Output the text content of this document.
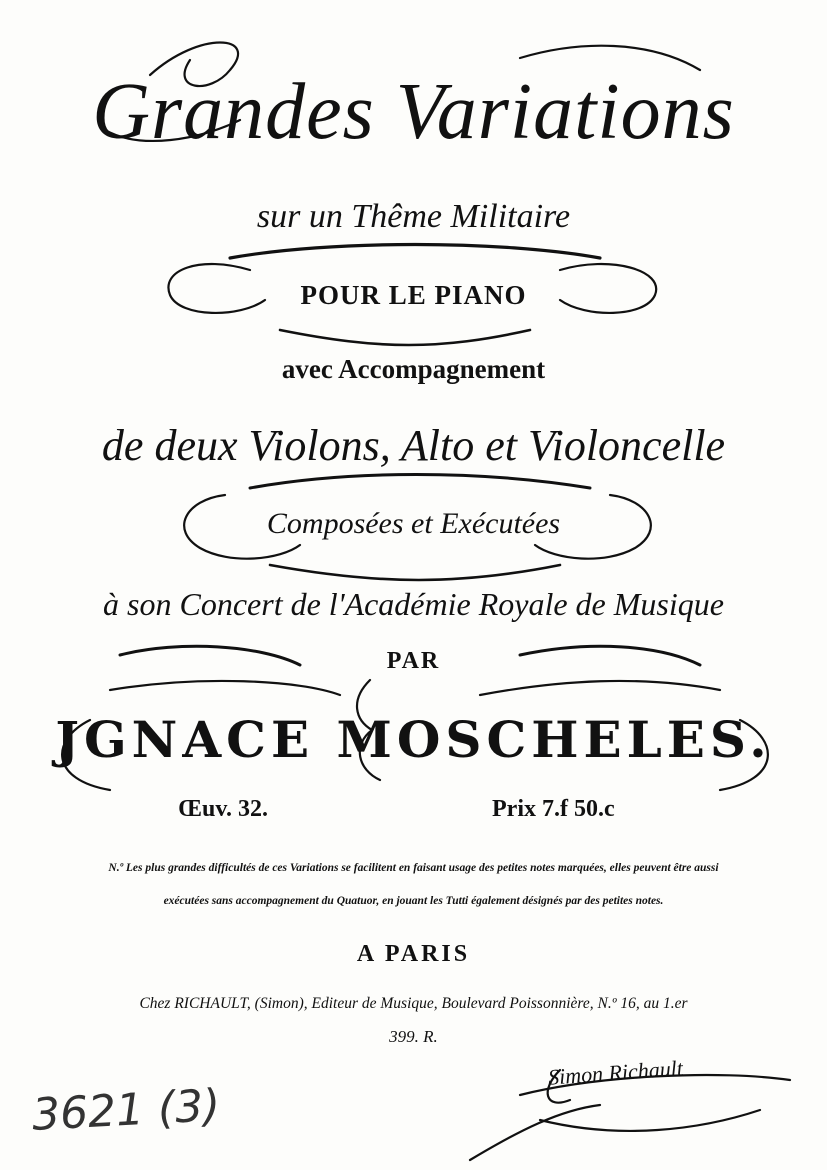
Grandes Variations
sur un Thême Militaire
POUR LE PIANO
avec Accompagnement
de deux Violons, Alto et Violoncelle
Composées et Exécutées
à son Concert de l'Académie Royale de Musique
PAR
JGNACE MOSCHELES.
Œuv. 32.	Prix 7.f 50.c
N.º Les plus grandes difficultés de ces Variations se facilitent en faisant usage des petites notes marquées, elles peuvent être aussi
exécutées sans accompagnement du Quatuor, en jouant les Tutti également désignés par des petites notes.
A PARIS
Chez RICHAULT, (Simon), Editeur de Musique, Boulevard Poissonnière, N.º 16, au 1.er
399. R.
3621 (3)
Simon Richault
